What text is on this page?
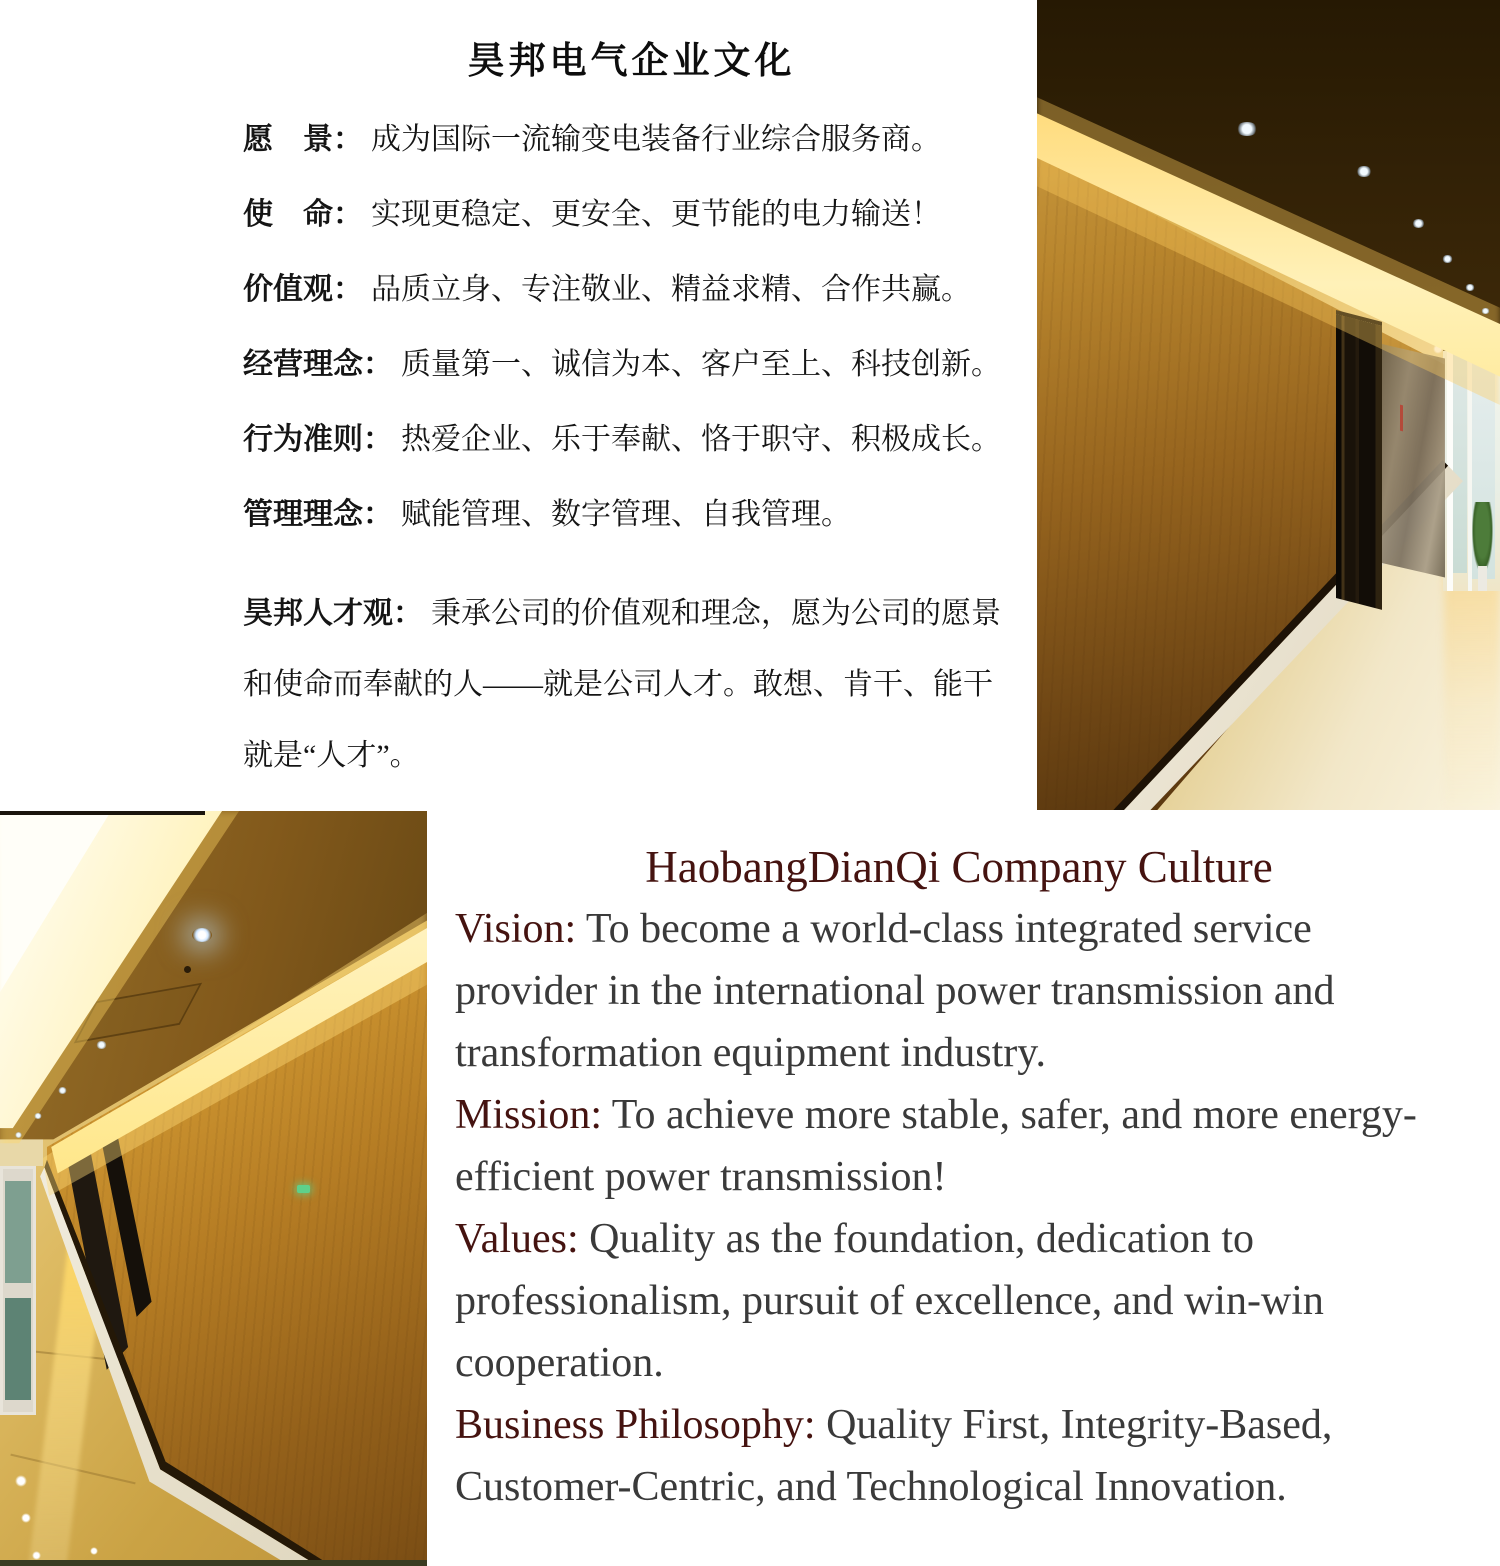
昊邦电气企业文化
愿　景： 成为国际一流输变电装备行业综合服务商。
使　命： 实现更稳定、更安全、更节能的电力输送！
价值观： 品质立身、专注敬业、精益求精、合作共赢。
经营理念： 质量第一、诚信为本、客户至上、科技创新。
行为准则： 热爱企业、乐于奉献、恪于职守、积极成长。
管理理念： 赋能管理、数字管理、自我管理。

昊邦人才观： 秉承公司的价值观和理念，愿为公司的愿景和使命而奉献的人——就是公司人才。敢想、肯干、能干就是“人才”。

HaobangDianQi Company Culture

Vision: To become a world-class integrated service provider in the international power transmission and transformation equipment industry.

Mission: To achieve more stable, safer, and more energy-efficient power transmission!

Values: Quality as the foundation, dedication to professionalism, pursuit of excellence, and win-win cooperation.

Business Philosophy: Quality First, Integrity-Based, Customer-Centric, and Technological Innovation.
